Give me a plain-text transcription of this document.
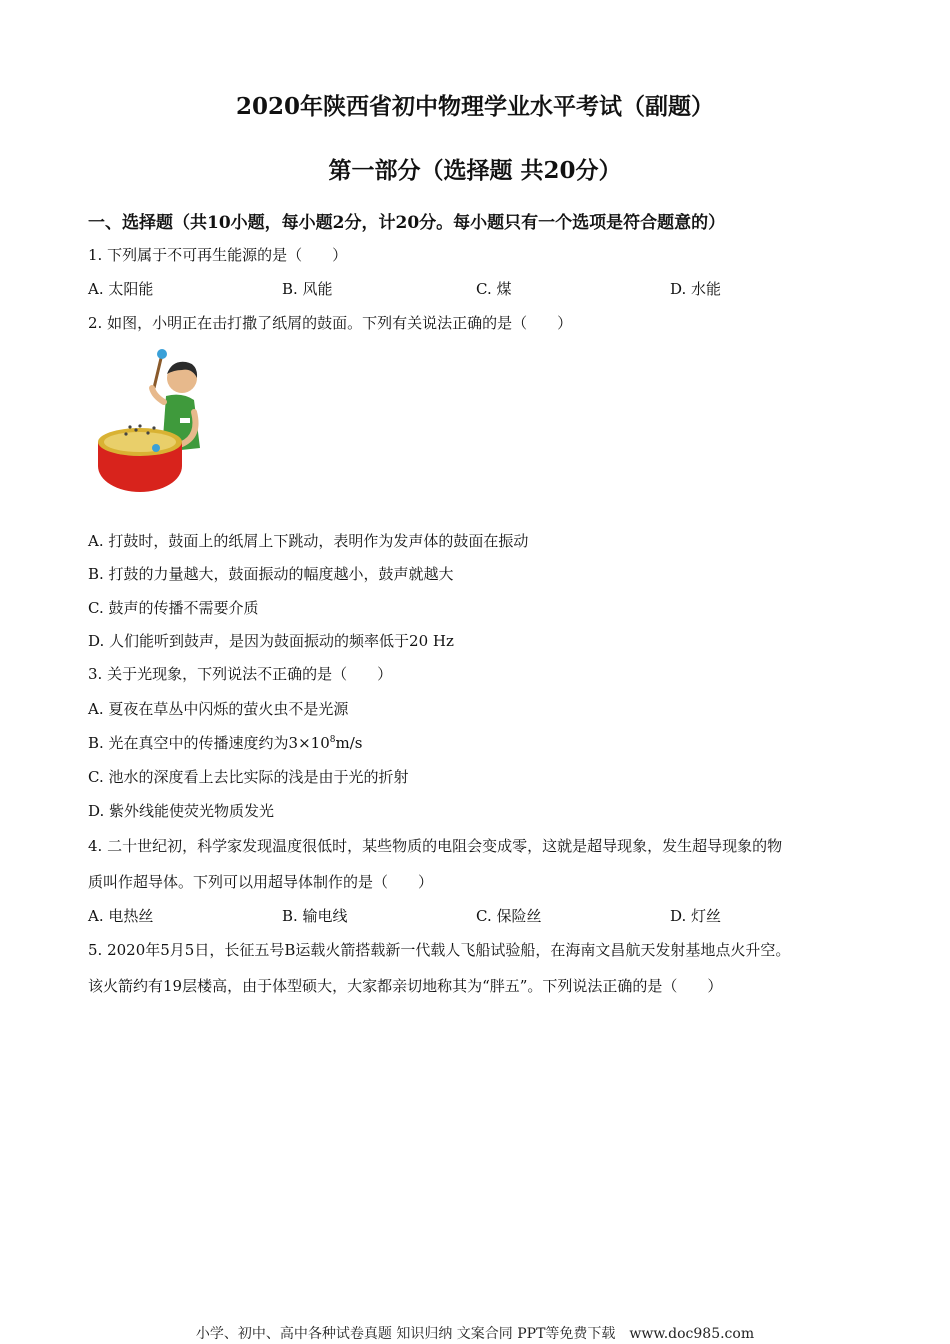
2020年陕西省初中物理学业水平考试（副题）
第一部分（选择题 共20分）
一、选择题（共10小题，每小题2分，计20分。每小题只有一个选项是符合题意的）
1. 下列属于不可再生能源的是（　　）
A. 太阳能	B. 风能	C. 煤	D. 水能
2. 如图，小明正在击打撒了纸屑的鼓面。下列有关说法正确的是（　　）
A. 打鼓时，鼓面上的纸屑上下跳动，表明作为发声体的鼓面在振动
B. 打鼓的力量越大，鼓面振动的幅度越小，鼓声就越大
C. 鼓声的传播不需要介质
D. 人们能听到鼓声，是因为鼓面振动的频率低于20 Hz
3. 关于光现象，下列说法不正确的是（　　）
A. 夏夜在草丛中闪烁的萤火虫不是光源
B. 光在真空中的传播速度约为$3\times 10^8m/s$
C. 池水的深度看上去比实际的浅是由于光的折射
D. 紫外线能使荧光物质发光
4. 二十世纪初，科学家发现温度很低时，某些物质的电阻会变成零，这就是超导现象，发生超导现象的物
质叫作超导体。下列可以用超导体制作的是（　　）
A. 电热丝	B. 输电线	C. 保险丝	D. 灯丝
5. 2020年5月5日，长征五号B运载火箭搭载新一代载人飞船试验船，在海南文昌航天发射基地点火升空。
该火箭约有19层楼高，由于体型硕大，大家都亲切地称其为“胖五”。下列说法正确的是（　　）
小学、初中、高中各种试卷真题 知识归纳 文案合同 PPT等免费下载　www.doc985.com
